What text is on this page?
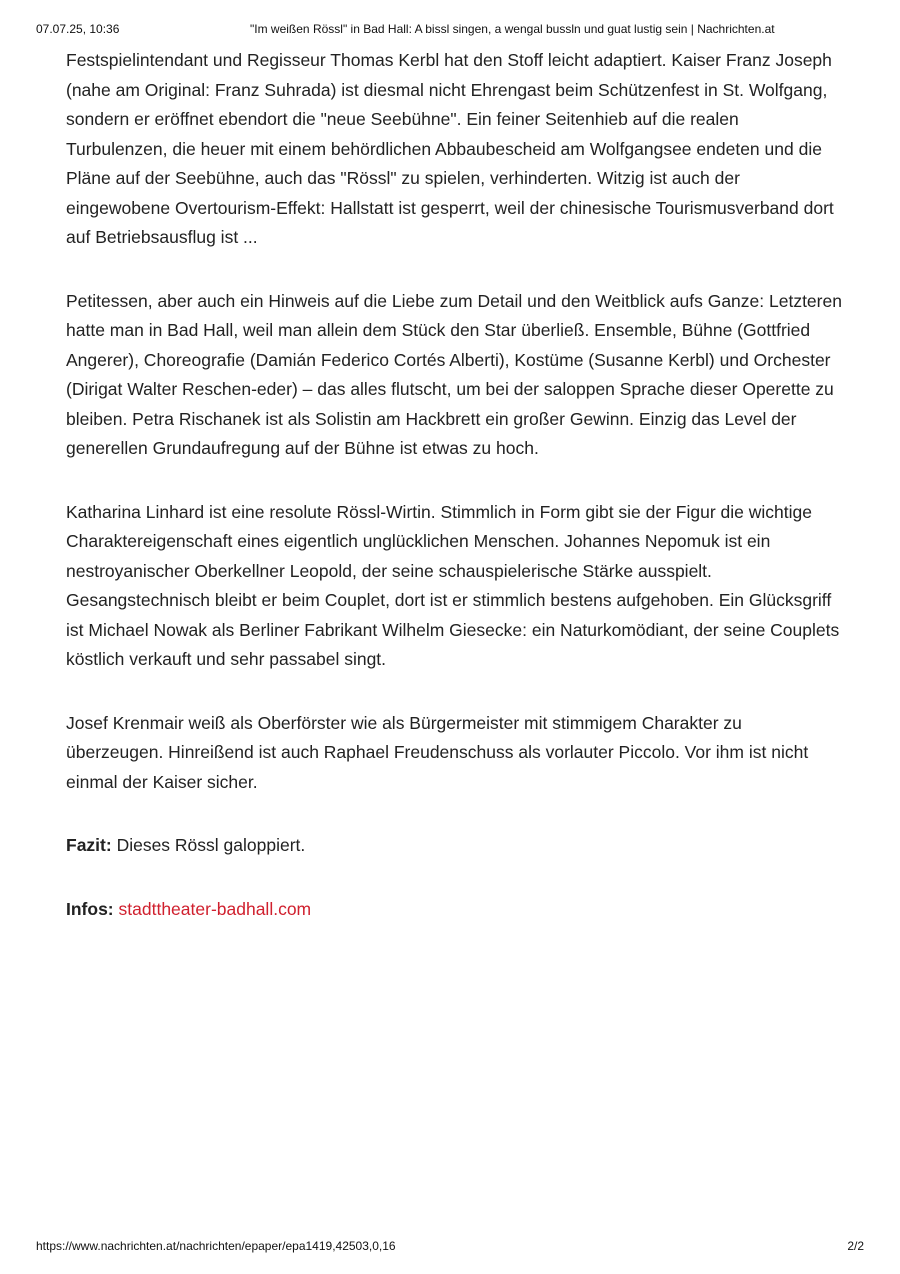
07.07.25, 10:36	"Im weißen Rössl" in Bad Hall: A bissl singen, a wengal bussln und guat lustig sein | Nachrichten.at

Festspielintendant und Regisseur Thomas Kerbl hat den Stoff leicht adaptiert. Kaiser Franz Joseph (nahe am Original: Franz Suhrada) ist diesmal nicht Ehrengast beim Schützenfest in St. Wolfgang, sondern er eröffnet ebendort die "neue Seebühne". Ein feiner Seitenhieb auf die realen Turbulenzen, die heuer mit einem behördlichen Abbaubescheid am Wolfgangsee endeten und die Pläne auf der Seebühne, auch das "Rössl" zu spielen, verhinderten. Witzig ist auch der eingewobene Overtourism-Effekt: Hallstatt ist gesperrt, weil der chinesische Tourismusverband dort auf Betriebsausflug ist ...

Petitessen, aber auch ein Hinweis auf die Liebe zum Detail und den Weitblick aufs Ganze: Letzteren hatte man in Bad Hall, weil man allein dem Stück den Star überließ. Ensemble, Bühne (Gottfried Angerer), Choreografie (Damián Federico Cortés Alberti), Kostüme (Susanne Kerbl) und Orchester (Dirigat Walter Reschen-eder) – das alles flutscht, um bei der saloppen Sprache dieser Operette zu bleiben. Petra Rischanek ist als Solistin am Hackbrett ein großer Gewinn. Einzig das Level der generellen Grundaufregung auf der Bühne ist etwas zu hoch.

Katharina Linhard ist eine resolute Rössl-Wirtin. Stimmlich in Form gibt sie der Figur die wichtige Charaktereigenschaft eines eigentlich unglücklichen Menschen. Johannes Nepomuk ist ein nestroyanischer Oberkellner Leopold, der seine schauspielerische Stärke ausspielt. Gesangstechnisch bleibt er beim Couplet, dort ist er stimmlich bestens aufgehoben. Ein Glücksgriff ist Michael Nowak als Berliner Fabrikant Wilhelm Giesecke: ein Naturkomödiant, der seine Couplets köstlich verkauft und sehr passabel singt.

Josef Krenmair weiß als Oberförster wie als Bürgermeister mit stimmigem Charakter zu überzeugen. Hinreißend ist auch Raphael Freudenschuss als vorlauter Piccolo. Vor ihm ist nicht einmal der Kaiser sicher.

Fazit: Dieses Rössl galoppiert.

Infos: stadttheater-badhall.com

https://www.nachrichten.at/nachrichten/epaper/epa1419,42503,0,16	2/2
